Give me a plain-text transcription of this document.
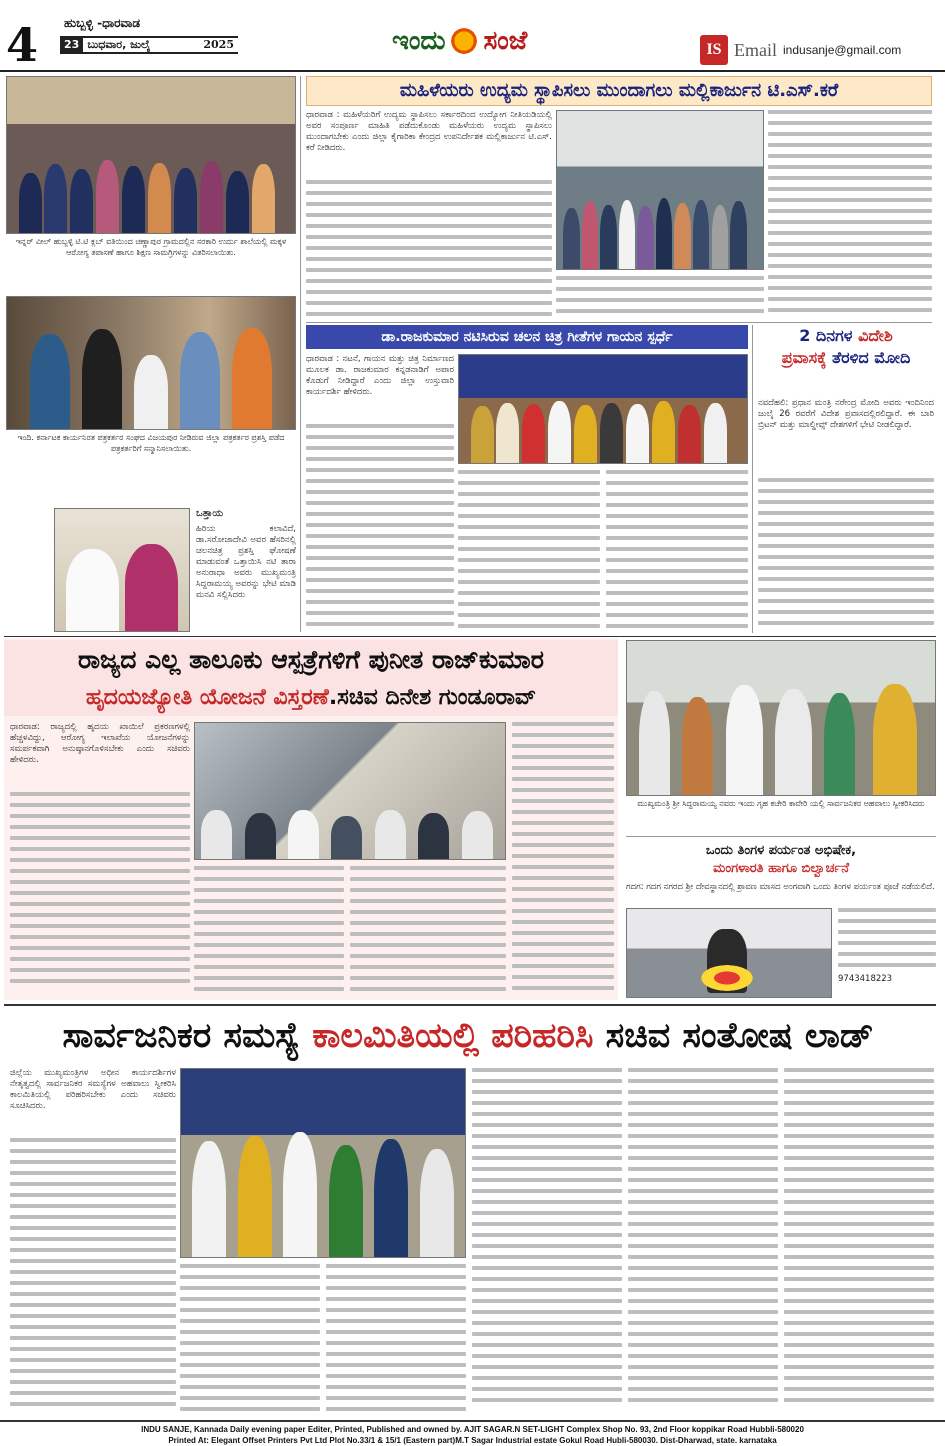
4	ಹುಬ್ಬಳ್ಳಿ -ಧಾರವಾಡ
23 ಬುಧವಾರ, ಜುಲೈ	2025	ಇಂದು ಸಂಜೆ	IS Email indusanje@gmail.com
ಇನ್ನರ್ ವೀಲ್ ಹುಬ್ಬಳ್ಳಿ ಟಿ.ಟಿ ಕ್ಲಬ್ ವತಿಯಿಂದ ಚಣ್ಣಾಪುರ ಗ್ರಾಮದಲ್ಲಿನ ಸರಕಾರಿ ಉರ್ದು ಶಾಲೆಯಲ್ಲಿ ಮಕ್ಕಳ ಆರೋಗ್ಯ ತಪಾಸಣೆ ಹಾಗೂ ಶಿಕ್ಷಣ ಸಾಮಗ್ರಿಗಳನ್ನು ವಿತರಿಸಲಾಯಿತು.
ಇಂದಿ. ಕರ್ನಾಟಕ ಕಾರ್ಯನಿರತ ಪತ್ರಕರ್ತರ ಸಂಘದ ವಿಜಯಪುರ ನೀಡಿರುವ ಜಿಲ್ಲಾ ಪತ್ರಕರ್ತರ ಪ್ರಶಸ್ತಿ ಪಡೆದ ಪತ್ರಕರ್ತರಿಗೆ ಸನ್ಮಾನಿಸಲಾಯಿತು.
ಒತ್ತಾಯ
ಹಿರಿಯ ಕಲಾವಿದೆ, ಡಾ.ಸರೋಜಾದೇವಿ ಅವರ ಹೆಸರಿನಲ್ಲಿ ಚಲನಚಿತ್ರ ಪ್ರಶಸ್ತಿ ಘೋಷಣೆ ಮಾಡುವಂತೆ ಒತ್ತಾಯಿಸಿ ನಟಿ ತಾರಾ ಅನುರಾಧಾ ಅವರು ಮುಖ್ಯಮಂತ್ರಿ ಸಿದ್ದರಾಮಯ್ಯ ಅವರನ್ನು ಭೇಟಿ ಮಾಡಿ ಮನವಿ ಸಲ್ಲಿಸಿದರು
ಮಹಿಳೆಯರು ಉದ್ಯಮ ಸ್ಥಾಪಿಸಲು ಮುಂದಾಗಲು ಮಲ್ಲಿಕಾರ್ಜುನ ಟಿ.ಎಸ್.ಕರೆ
ಧಾರವಾಡ : ಮಹಿಳೆಯರಿಗೆ ಉದ್ಯಮ ಸ್ಥಾಪಿಸಲು ಸರ್ಕಾರದಿಂದ ಉದ್ಯೋಗ ನೀತಿಯಡಿಯಲ್ಲಿ ಅವರ ಸಂಪೂರ್ಣ ಮಾಹಿತಿ ಪಡೆದುಕೊಂಡು ಮಹಿಳೆಯರು ಉದ್ಯಮ ಸ್ಥಾಪಿಸಲು ಮುಂದಾಗಬೇಕು ಎಂದು ಜಿಲ್ಲಾ ಕೈಗಾರಿಕಾ ಕೇಂದ್ರದ ಉಪನಿರ್ದೇಶಕ ಮಲ್ಲಿಕಾರ್ಜುನ ಟಿ.ಎಸ್. ಕರೆ ನೀಡಿದರು.
ಡಾ.ರಾಜಕುಮಾರ ನಟಿಸಿರುವ ಚಲನ ಚಿತ್ರ ಗೀತೆಗಳ ಗಾಯನ ಸ್ಪರ್ಧೆ
ಧಾರವಾಡ : ನಟನೆ, ಗಾಯನ ಮತ್ತು ಚಿತ್ರ ನಿರ್ಮಾಣದ ಮೂಲಕ ಡಾ. ರಾಜಕುಮಾರ ಕನ್ನಡನಾಡಿಗೆ ಅಪಾರ ಕೊಡುಗೆ ನೀಡಿದ್ದಾರೆ ಎಂದು ಜಿಲ್ಲಾ ಉಸ್ತುವಾರಿ ಕಾರ್ಯದರ್ಶಿ ಹೇಳಿದರು.
2 ದಿನಗಳ ವಿದೇಶಿ
ಪ್ರವಾಸಕ್ಕೆ ತೆರಳಿದ ಮೋದಿ
ನವದೆಹಲಿ: ಪ್ರಧಾನ ಮಂತ್ರಿ ನರೇಂದ್ರ ಮೋದಿ ಅವರು ಇಂದಿನಿಂದ ಜುಲೈ 26 ರವರೆಗೆ ವಿದೇಶ ಪ್ರವಾಸದಲ್ಲಿರಲಿದ್ದಾರೆ. ಈ ಬಾರಿ ಬ್ರಿಟನ್ ಮತ್ತು ಮಾಲ್ಡೀವ್ಸ್ ದೇಶಗಳಿಗೆ ಭೇಟಿ ನೀಡಲಿದ್ದಾರೆ.
ರಾಜ್ಯದ ಎಲ್ಲ ತಾಲೂಕು ಆಸ್ಪತ್ರೆಗಳಿಗೆ ಪುನೀತ ರಾಜ್‌ಕುಮಾರ
ಹೃದಯಜ್ಯೋತಿ ಯೋಜನೆ ವಿಸ್ತರಣೆ.ಸಚಿವ ದಿನೇಶ ಗುಂಡೂರಾವ್
ಧಾರವಾಡ: ರಾಜ್ಯದಲ್ಲಿ ಹೃದಯ ಖಾಯಿಲೆ ಪ್ರಕರಣಗಳಲ್ಲಿ ಹೆಚ್ಚಳವಿದ್ದು, ಆರೋಗ್ಯ ಇಲಾಖೆಯ ಯೋಜನೆಗಳನ್ನು ಸಮರ್ಪಕವಾಗಿ ಅನುಷ್ಠಾನಗೊಳಿಸಬೇಕು ಎಂದು ಸಚಿವರು ಹೇಳಿದರು.
ಮುಖ್ಯಮಂತ್ರಿ ಶ್ರೀ ಸಿದ್ದರಾಮಯ್ಯ ನವರು ಇಂದು ಗೃಹ ಕಚೇರಿ ಕಾವೇರಿ ಯಲ್ಲಿ ಸಾರ್ವಜನಿಕರ ಅಹವಾಲು ಸ್ವೀಕರಿಸಿದರು
ಒಂದು ತಿಂಗಳ ಪರ್ಯಂತ ಅಭಿಷೇಕ,
ಮಂಗಳಾರತಿ ಹಾಗೂ ಬಿಲ್ವಾರ್ಚನೆ
ಗದಗ: ಗದಗ ನಗರದ ಶ್ರೀ ದೇವಸ್ಥಾನದಲ್ಲಿ ಶ್ರಾವಣ ಮಾಸದ ಅಂಗವಾಗಿ ಒಂದು ತಿಂಗಳ ಪರ್ಯಂತ ಪೂಜೆ ನಡೆಯಲಿದೆ.
9743418223
ಸಾರ್ವಜನಿಕರ ಸಮಸ್ಯೆ ಕಾಲಮಿತಿಯಲ್ಲಿ ಪರಿಹರಿಸಿ ಸಚಿವ ಸಂತೋಷ ಲಾಡ್
ಜಿಲ್ಲೆಯ ಮುಖ್ಯಮಂತ್ರಿಗಳ ಅಧೀನ ಕಾರ್ಯದರ್ಶಿಗಳ ನೇತೃತ್ವದಲ್ಲಿ ಸಾರ್ವಜನಿಕರ ಸಮಸ್ಯೆಗಳ ಅಹವಾಲು ಸ್ವೀಕರಿಸಿ ಕಾಲಮಿತಿಯಲ್ಲಿ ಪರಿಹರಿಸಬೇಕು ಎಂದು ಸಚಿವರು ಸೂಚಿಸಿದರು.

INDU SANJE, Kannada Daily evening paper Editer, Printed, Published and owned by. AJIT SAGAR.N SET-LIGHT Complex Shop No. 93, 2nd Floor koppikar Road Hubbli-580020

Printed At: Elegant Offset Printers Pvt Ltd Plot No.33/1 & 15/1 (Eastern part)M.T Sagar Industrial estate Gokul Road Hubli-580030. Dist-Dharwad, state. karnataka
